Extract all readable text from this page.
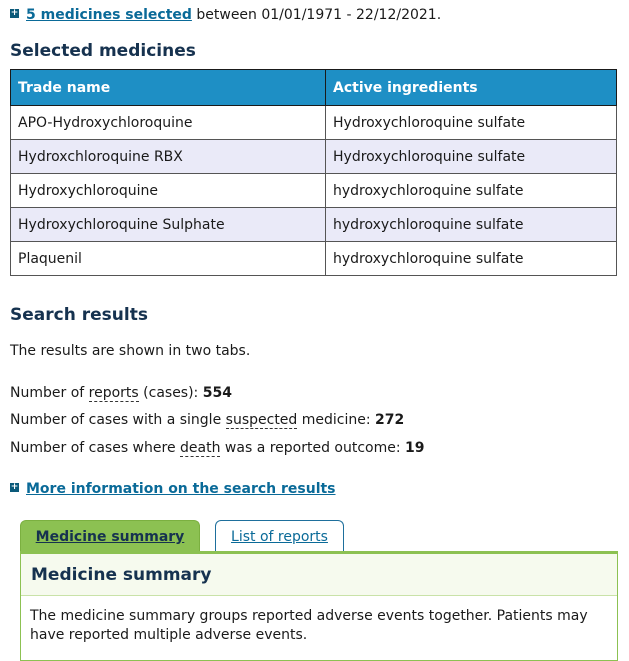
+ 5 medicines selected between 01/01/1971 - 22/12/2021.
Selected medicines
Trade name	Active ingredients
APO-Hydroxychloroquine	Hydroxychloroquine sulfate
Hydroxchloroquine RBX	Hydroxychloroquine sulfate
Hydroxychloroquine	hydroxychloroquine sulfate
Hydroxychloroquine Sulphate	hydroxychloroquine sulfate
Plaquenil	hydroxychloroquine sulfate
Search results
The results are shown in two tabs.
Number of reports (cases): 554
Number of cases with a single suspected medicine: 272
Number of cases where death was a reported outcome: 19
+ More information on the search results
Medicine summary	List of reports
Medicine summary

The medicine summary groups reported adverse events together. Patients may have reported multiple adverse events.
